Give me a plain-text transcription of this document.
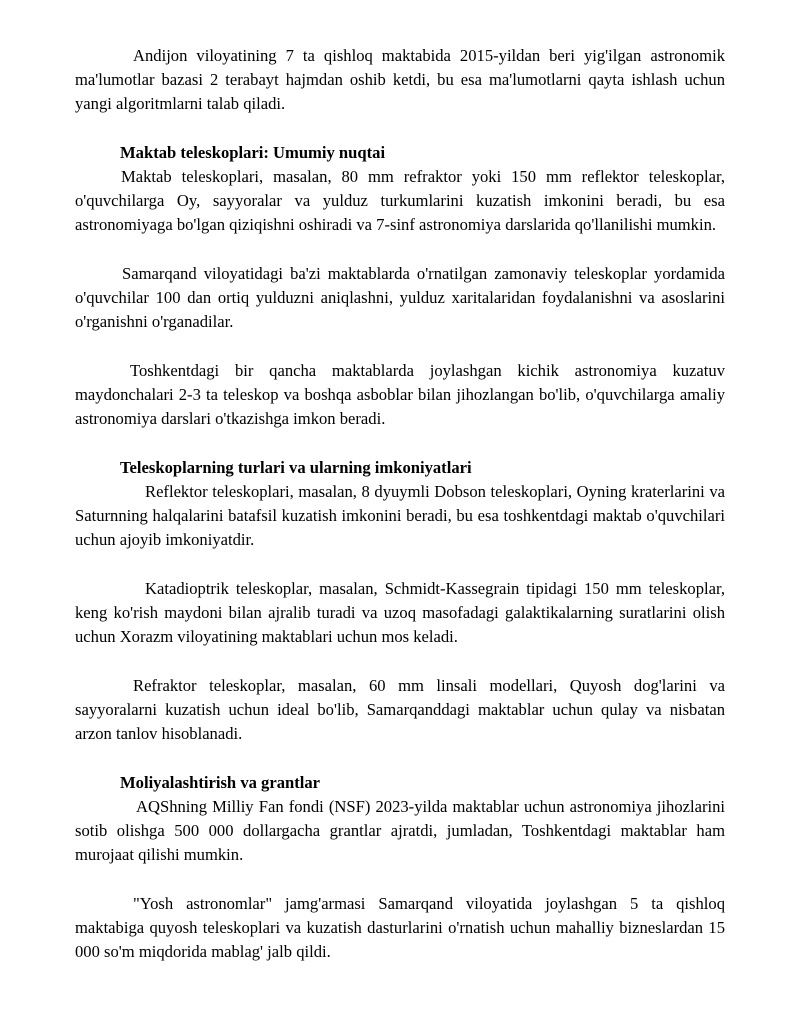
Andijon viloyatining 7 ta qishloq maktabida 2015-yildan beri yig'ilgan astronomik ma'lumotlar bazasi 2 terabayt hajmdan oshib ketdi, bu esa ma'lumotlarni qayta ishlash uchun yangi algoritmlarni talab qiladi.

Maktab teleskoplari: Umumiy nuqtai

Maktab teleskoplari, masalan, 80 mm refraktor yoki 150 mm reflektor teleskoplar, o'quvchilarga Oy, sayyoralar va yulduz turkumlarini kuzatish imkonini beradi, bu esa astronomiyaga bo'lgan qiziqishni oshiradi va 7-sinf astronomiya darslarida qo'llanilishi mumkin.

Samarqand viloyatidagi ba'zi maktablarda o'rnatilgan zamonaviy teleskoplar yordamida o'quvchilar 100 dan ortiq yulduzni aniqlashni, yulduz xaritalaridan foydalanishni va asoslarini o'rganishni o'rganadilar.

Toshkentdagi bir qancha maktablarda joylashgan kichik astronomiya kuzatuv maydonchalari 2-3 ta teleskop va boshqa asboblar bilan jihozlangan bo'lib, o'quvchilarga amaliy astronomiya darslari o'tkazishga imkon beradi.

Teleskoplarning turlari va ularning imkoniyatlari

Reflektor teleskoplari, masalan, 8 dyuymli Dobson teleskoplari, Oyning kraterlarini va Saturnning halqalarini batafsil kuzatish imkonini beradi, bu esa toshkentdagi maktab o'quvchilari uchun ajoyib imkoniyatdir.

Katadioptrik teleskoplar, masalan, Schmidt-Kassegrain tipidagi 150 mm teleskoplar, keng ko'rish maydoni bilan ajralib turadi va uzoq masofadagi galaktikalarning suratlarini olish uchun Xorazm viloyatining maktablari uchun mos keladi.

Refraktor teleskoplar, masalan, 60 mm linsali modellari, Quyosh dog'larini va sayyoralarni kuzatish uchun ideal bo'lib, Samarqanddagi maktablar uchun qulay va nisbatan arzon tanlov hisoblanadi.

Moliyalashtirish va grantlar

AQShning Milliy Fan fondi (NSF) 2023-yilda maktablar uchun astronomiya jihozlarini sotib olishga 500 000 dollargacha grantlar ajratdi, jumladan, Toshkentdagi maktablar ham murojaat qilishi mumkin.

"Yosh astronomlar" jamg'armasi Samarqand viloyatida joylashgan 5 ta qishloq maktabiga quyosh teleskoplari va kuzatish dasturlarini o'rnatish uchun mahalliy bizneslardan 15 000 so'm miqdorida mablag' jalb qildi.
